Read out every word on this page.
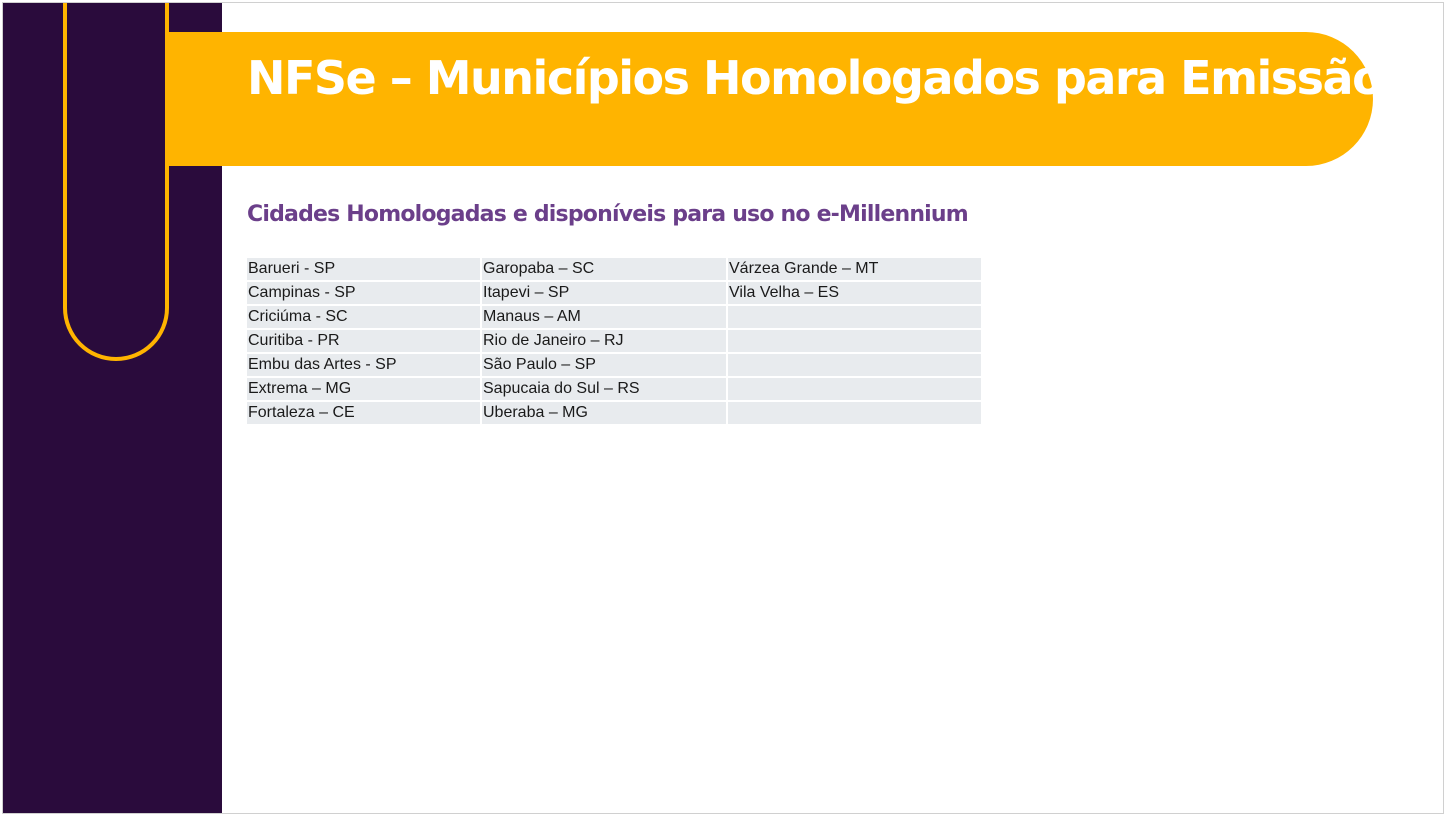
NFSe – Municípios Homologados para Emissão
Cidades Homologadas e disponíveis para uso no e-Millennium
Barueri - SP	Garopaba – SC	Várzea Grande – MT
Campinas - SP	Itapevi – SP	Vila Velha – ES
Criciúma - SC	Manaus – AM	
Curitiba - PR	Rio de Janeiro – RJ	
Embu das Artes - SP	São Paulo – SP	
Extrema – MG	Sapucaia do Sul – RS	
Fortaleza – CE	Uberaba – MG	
